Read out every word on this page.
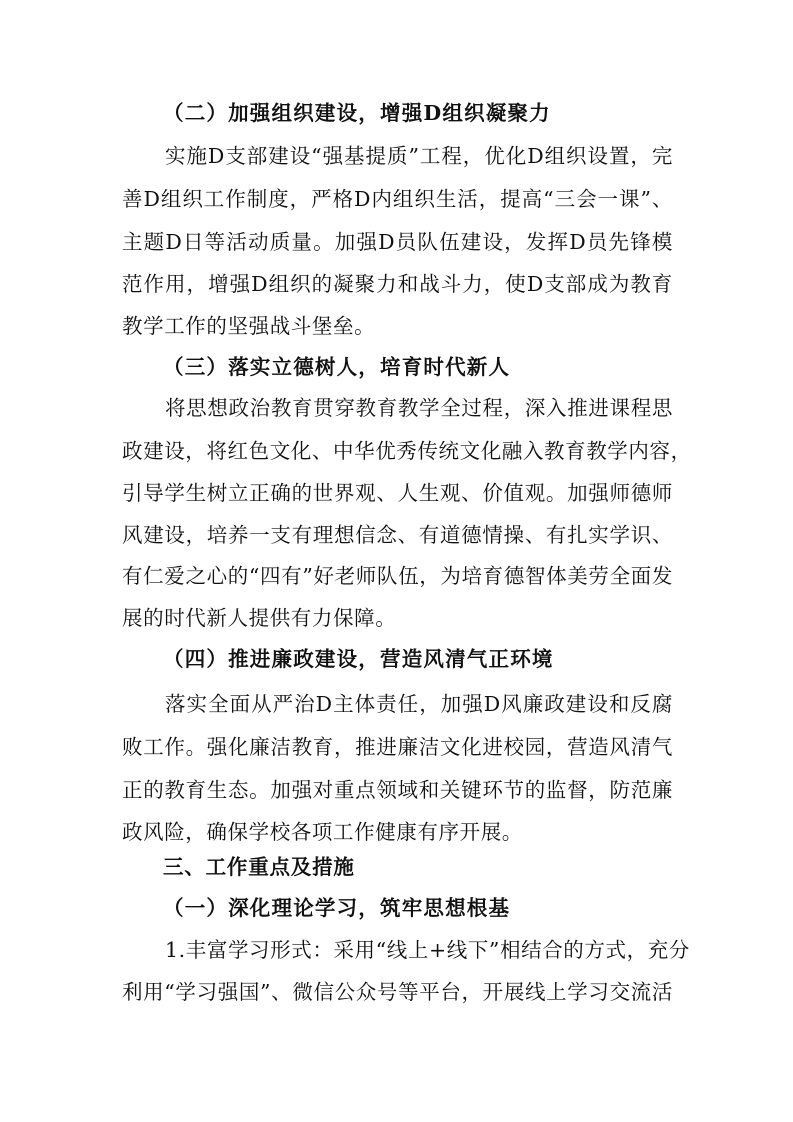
（二）加强组织建设，增强D组织凝聚力
实施D支部建设“强基提质”工程，优化D组织设置，完
善D组织工作制度，严格D内组织生活，提高“三会一课”、
主题D日等活动质量。加强D员队伍建设，发挥D员先锋模
范作用，增强D组织的凝聚力和战斗力，使D支部成为教育
教学工作的坚强战斗堡垒。
（三）落实立德树人，培育时代新人
将思想政治教育贯穿教育教学全过程，深入推进课程思
政建设，将红色文化、中华优秀传统文化融入教育教学内容，
引导学生树立正确的世界观、人生观、价值观。加强师德师
风建设，培养一支有理想信念、有道德情操、有扎实学识、
有仁爱之心的“四有”好老师队伍，为培育德智体美劳全面发
展的时代新人提供有力保障。
（四）推进廉政建设，营造风清气正环境
落实全面从严治D主体责任，加强D风廉政建设和反腐
败工作。强化廉洁教育，推进廉洁文化进校园，营造风清气
正的教育生态。加强对重点领域和关键环节的监督，防范廉
政风险，确保学校各项工作健康有序开展。
三、工作重点及措施
（一）深化理论学习，筑牢思想根基
1.丰富学习形式：采用“线上+线下”相结合的方式，充分
利用“学习强国”、微信公众号等平台，开展线上学习交流活
